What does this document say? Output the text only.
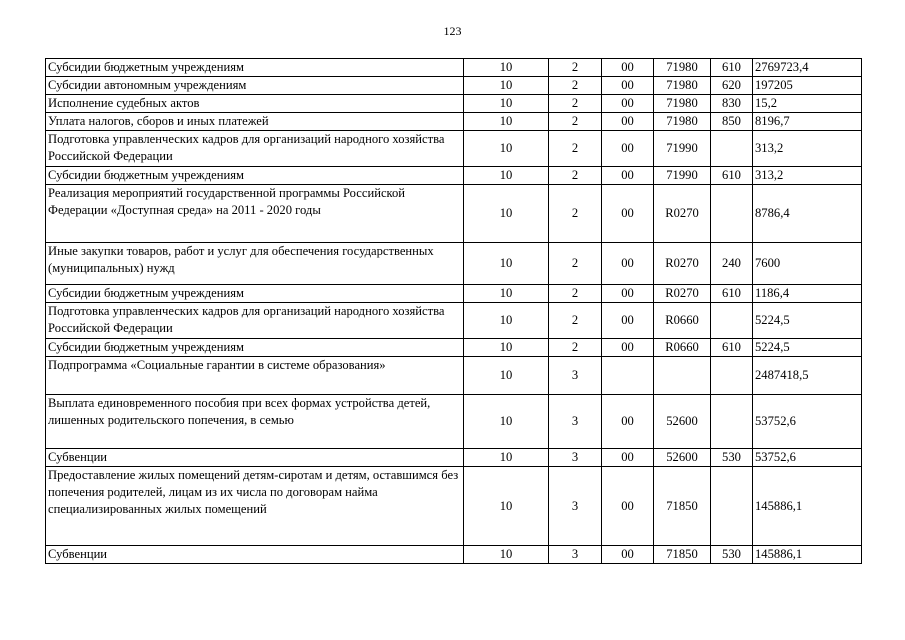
123
Субсидии бюджетным учреждениям	10	2	00	71980	610	2769723,4
Субсидии автономным учреждениям	10	2	00	71980	620	197205
Исполнение судебных актов	10	2	00	71980	830	15,2
Уплата налогов, сборов и иных платежей	10	2	00	71980	850	8196,7
Подготовка управленческих кадров для организаций народного хозяйства Российской Федерации	10	2	00	71990		313,2
Субсидии бюджетным учреждениям	10	2	00	71990	610	313,2
Реализация мероприятий государственной программы Российской Федерации «Доступная среда» на 2011 - 2020 годы	10	2	00	R0270		8786,4
Иные закупки товаров, работ и услуг для обеспечения государственных (муниципальных) нужд	10	2	00	R0270	240	7600
Субсидии бюджетным учреждениям	10	2	00	R0270	610	1186,4
Подготовка управленческих кадров для организаций народного хозяйства Российской Федерации	10	2	00	R0660		5224,5
Субсидии бюджетным учреждениям	10	2	00	R0660	610	5224,5
Подпрограмма «Социальные гарантии в системе образования»	10	3				2487418,5
Выплата единовременного пособия при всех формах устройства детей, лишенных родительского попечения, в семью	10	3	00	52600		53752,6
Субвенции	10	3	00	52600	530	53752,6
Предоставление жилых помещений детям-сиротам и детям, оставшимся без попечения родителей, лицам из их числа по договорам найма специализированных жилых помещений	10	3	00	71850		145886,1
Субвенции	10	3	00	71850	530	145886,1
